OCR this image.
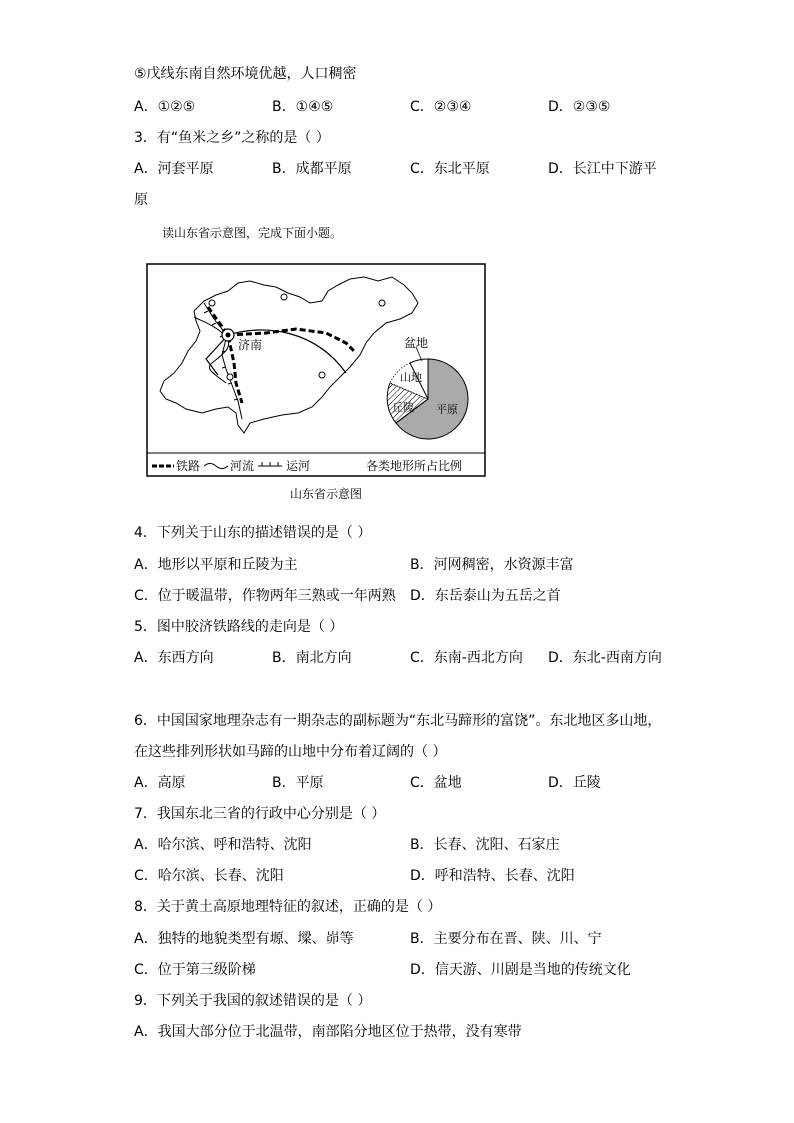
⑤戊线东南自然环境优越，人口稠密
A．①②⑤	B．①④⑤	C．②③④	D．②③⑤
3．有“鱼米之乡”之称的是（ ）
A．河套平原	B．成都平原	C．东北平原	D．长江中下游平
原
读山东省示意图，完成下面小题。
济南	盆地
山地
丘陵 平原
铁路 河流	运河	各类地形所占比例
山东省示意图
4．下列关于山东的描述错误的是（ ）
A．地形以平原和丘陵为主	B．河网稠密，水资源丰富
C．位于暖温带，作物两年三熟或一年两熟 D．东岳泰山为五岳之首
5．图中胶济铁路线的走向是（ ）
A．东西方向	B．南北方向	C．东南-西北方向 D．东北-西南方向
6．中国国家地理杂志有一期杂志的副标题为“东北马蹄形的富饶”。东北地区多山地，
在这些排列形状如马蹄的山地中分布着辽阔的（ ）
A．高原	B．平原	C．盆地	D．丘陵
7．我国东北三省的行政中心分别是（ ）
A．哈尔滨、呼和浩特、沈阳	B．长春、沈阳、石家庄
C．哈尔滨、长春、沈阳	D．呼和浩特、长春、沈阳
8．关于黄土高原地理特征的叙述，正确的是（ ）
A．独特的地貌类型有塬、墚、峁等	B．主要分布在晋、陕、川、宁
C．位于第三级阶梯	D．信天游、川剧是当地的传统文化
9．下列关于我国的叙述错误的是（ ）
A．我国大部分位于北温带，南部陷分地区位于热带，没有寒带
